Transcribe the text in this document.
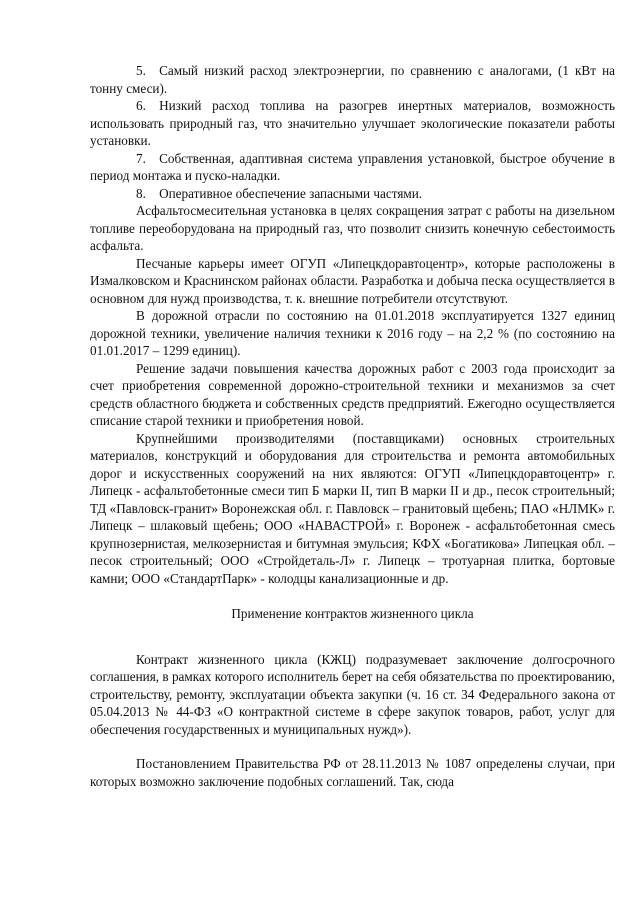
5. Самый низкий расход электроэнергии, по сравнению с аналогами, (1 кВт на тонну смеси).

6. Низкий расход топлива на разогрев инертных материалов, возможность использовать природный газ, что значительно улучшает экологические показатели работы установки.

7. Собственная, адаптивная система управления установкой, быстрое обучение в период монтажа и пуско-наладки.

8. Оперативное обеспечение запасными частями.

Асфальтосмесительная установка в целях сокращения затрат с работы на дизельном топливе переоборудована на природный газ, что позволит снизить конечную себестоимость асфальта.

Песчаные карьеры имеет ОГУП «Липецкдоравтоцентр», которые расположены в Измалковском и Краснинском районах области. Разработка и добыча песка осуществляется в основном для нужд производства, т. к. внешние потребители отсутствуют.

В дорожной отрасли по состоянию на 01.01.2018 эксплуатируется 1327 единиц дорожной техники, увеличение наличия техники к 2016 году – на 2,2 % (по состоянию на 01.01.2017 – 1299 единиц).

Решение задачи повышения качества дорожных работ с 2003 года происходит за счет приобретения современной дорожно-строительной техники и механизмов за счет средств областного бюджета и собственных средств предприятий. Ежегодно осуществляется списание старой техники и приобретения новой.

Крупнейшими производителями (поставщиками) основных строительных материалов, конструкций и оборудования для строительства и ремонта автомобильных дорог и искусственных сооружений на них являются: ОГУП «Липецкдоравтоцентр» г. Липецк - асфальтобетонные смеси тип Б марки II, тип В марки II и др., песок строительный; ТД «Павловск-гранит» Воронежская обл. г. Павловск – гранитовый щебень; ПАО «НЛМК» г. Липецк – шлаковый щебень; ООО «НАВАСТРОЙ» г. Воронеж - асфальтобетонная смесь крупнозернистая, мелкозернистая и битумная эмульсия; КФХ «Богатикова» Липецкая обл. – песок строительный; ООО «Стройдеталь-Л» г. Липецк – тротуарная плитка, бортовые камни; ООО «СтандартПарк» - колодцы канализационные и др.

Применение контрактов жизненного цикла

Контракт жизненного цикла (КЖЦ) подразумевает заключение долгосрочного соглашения, в рамках которого исполнитель берет на себя обязательства по проектированию, строительству, ремонту, эксплуатации объекта закупки (ч. 16 ст. 34 Федерального закона от 05.04.2013 № 44-ФЗ «О контрактной системе в сфере закупок товаров, работ, услуг для обеспечения государственных и муниципальных нужд»).

Постановлением Правительства РФ от 28.11.2013 № 1087 определены случаи, при которых возможно заключение подобных соглашений. Так, сюда
